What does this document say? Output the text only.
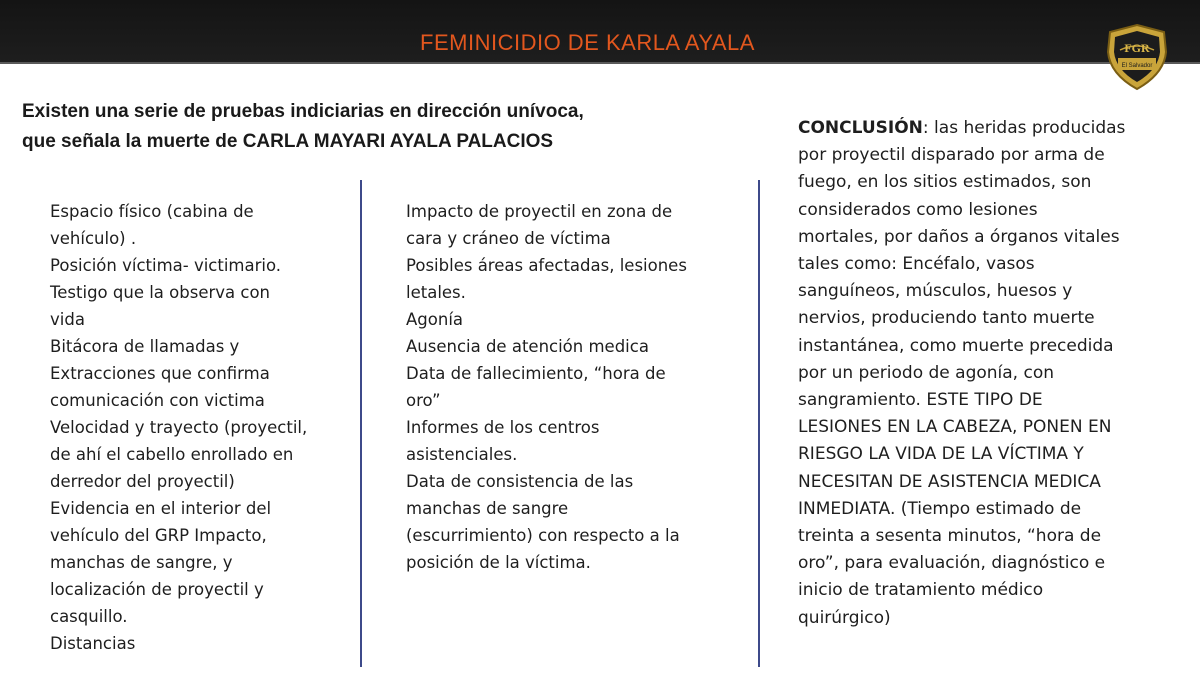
FEMINICIDIO DE KARLA AYALA	FGR
El Salvador
Existen una serie de pruebas indiciarias en dirección unívoca,
que señala la muerte de CARLA MAYARI AYALA PALACIOS

Espacio físico (cabina de

vehículo) .

Posición víctima- victimario.

Testigo que la observa con

vida

Bitácora de llamadas y

Extracciones que confirma

comunicación con victima

Velocidad y trayecto (proyectil,

de ahí el cabello enrollado en

derredor del proyectil)

Evidencia en el interior del

vehículo del GRP Impacto,

manchas de sangre, y

localización de proyectil y

casquillo.

Distancias

Impacto de proyectil en zona de

cara y cráneo de víctima

Posibles áreas afectadas, lesiones

letales.

Agonía

Ausencia de atención medica

Data de fallecimiento, “hora de

oro”

Informes de los centros

asistenciales.

Data de consistencia de las

manchas de sangre

(escurrimiento) con respecto a la

posición de la víctima.

CONCLUSIÓN: las heridas producidas

por proyectil disparado por arma de

fuego, en los sitios estimados, son

considerados como lesiones

mortales, por daños a órganos vitales

tales como: Encéfalo, vasos

sanguíneos, músculos, huesos y

nervios, produciendo tanto muerte

instantánea, como muerte precedida

por un periodo de agonía, con

sangramiento. ESTE TIPO DE

LESIONES EN LA CABEZA, PONEN EN

RIESGO LA VIDA DE LA VÍCTIMA Y

NECESITAN DE ASISTENCIA MEDICA

INMEDIATA. (Tiempo estimado de

treinta a sesenta minutos, “hora de

oro”, para evaluación, diagnóstico e

inicio de tratamiento médico

quirúrgico)
